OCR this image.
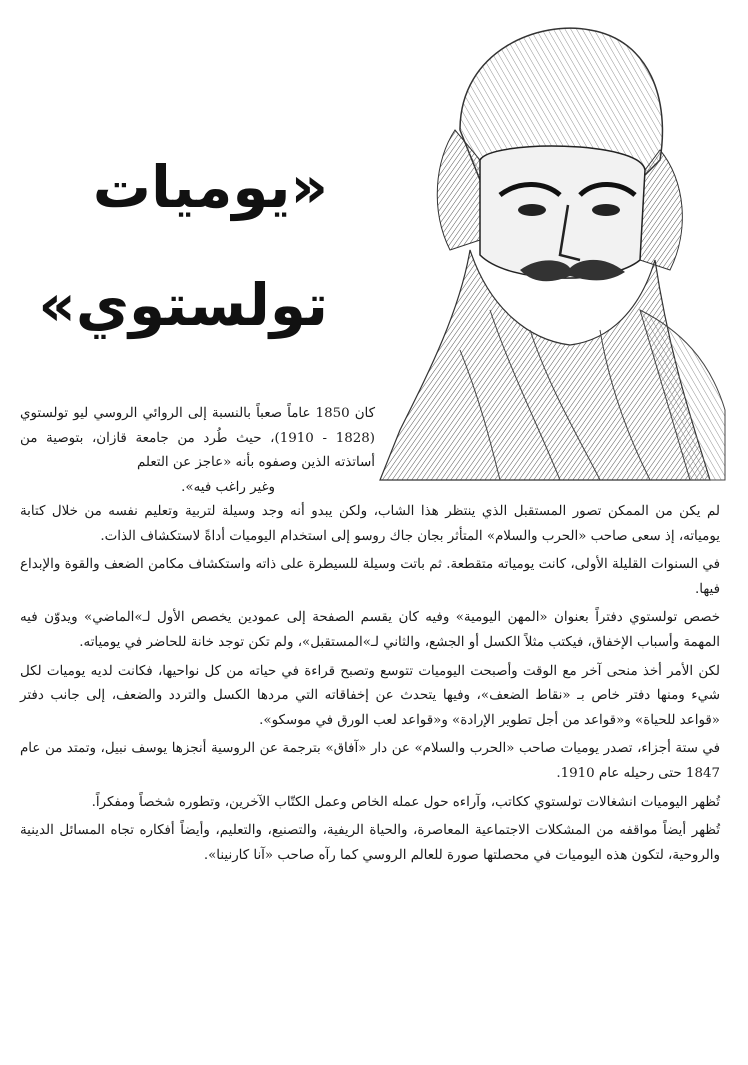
«يوميات
تولستوي»
كان 1850 عاماً صعباً بالنسبة إلى الروائي الروسي ليو تولستوي (1828 - 1910)، حيث طُرد من جامعة قازان، بتوصية من أساتذته الذين وصفوه بأنه «عاجز عن التعلم
وغير راغب فيه».

لم يكن من الممكن تصور المستقبل الذي ينتظر هذا الشاب، ولكن يبدو أنه وجد وسيلة لتربية وتعليم نفسه من خلال كتابة يومياته، إذ سعى صاحب «الحرب والسلام» المتأثر بجان جاك روسو إلى استخدام اليوميات أداةً لاستكشاف الذات.

في السنوات القليلة الأولى، كانت يومياته متقطعة. ثم باتت وسيلة للسيطرة على ذاته واستكشاف مكامن الضعف والقوة والإبداع فيها.

خصص تولستوي دفتراً بعنوان «المهن اليومية» وفيه كان يقسم الصفحة إلى عمودين يخصص الأول لـ»الماضي» ويدوّن فيه المهمة وأسباب الإخفاق، فيكتب مثلاً الكسل أو الجشع، والثاني لـ»المستقبل»، ولم تكن توجد خانة للحاضر في يومياته.

لكن الأمر أخذ منحى آخر مع الوقت وأصبحت اليوميات تتوسع وتصبح قراءة في حياته من كل نواحيها، فكانت لديه يوميات لكل شيء ومنها دفتر خاص بـ «نقاط الضعف»، وفيها يتحدث عن إخفاقاته التي مردها الكسل والتردد والضعف، إلى جانب دفتر «قواعد للحياة» و«قواعد من أجل تطوير الإرادة» و«قواعد لعب الورق في موسكو».

في ستة أجزاء، تصدر يوميات صاحب «الحرب والسلام» عن دار «آفاق» بترجمة عن الروسية أنجزها يوسف نبيل، وتمتد من عام 1847 حتى رحيله عام 1910.

تُظهر اليوميات انشغالات تولستوي ككاتب، وآراءه حول عمله الخاص وعمل الكتّاب الآخرين، وتطوره شخصاً ومفكراً.

تُظهر أيضاً مواقفه من المشكلات الاجتماعية المعاصرة، والحياة الريفية، والتصنيع، والتعليم، وأيضاً أفكاره تجاه المسائل الدينية والروحية، لتكون هذه اليوميات في محصلتها صورة للعالم الروسي كما رآه صاحب «آنا كارنينا».
